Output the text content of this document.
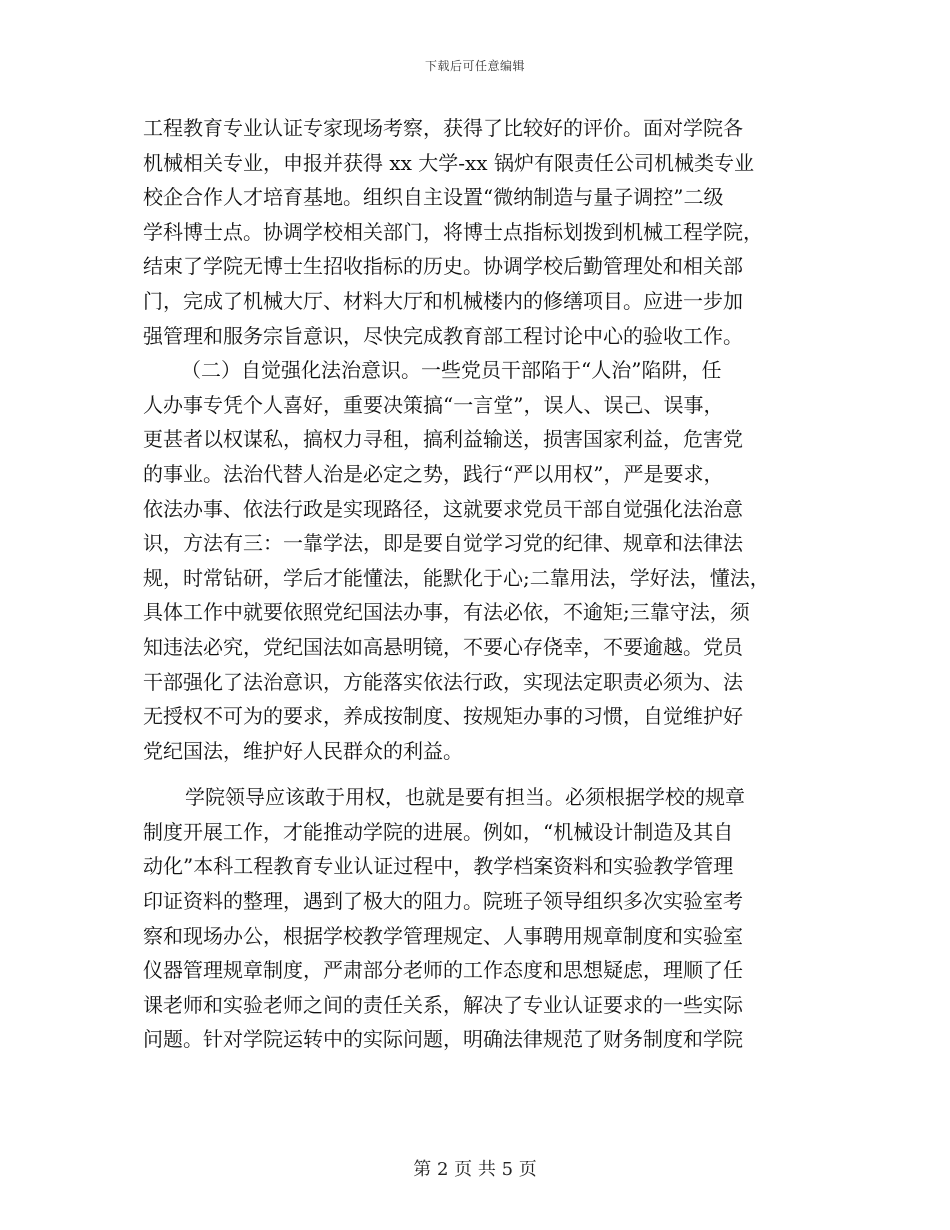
下载后可任意编辑
工程教育专业认证专家现场考察，获得了比较好的评价。面对学院各
机械相关专业，申报并获得 xx 大学-xx 锅炉有限责任公司机械类专业
校企合作人才培育基地。组织自主设置“微纳制造与量子调控”二级
学科博士点。协调学校相关部门，将博士点指标划拨到机械工程学院，
结束了学院无博士生招收指标的历史。协调学校后勤管理处和相关部
门，完成了机械大厅、材料大厅和机械楼内的修缮项目。应进一步加
强管理和服务宗旨意识，尽快完成教育部工程讨论中心的验收工作。
（二）自觉强化法治意识。一些党员干部陷于“人治”陷阱，任
人办事专凭个人喜好，重要决策搞“一言堂”，误人、误己、误事，
更甚者以权谋私，搞权力寻租，搞利益输送，损害国家利益，危害党
的事业。法治代替人治是必定之势，践行“严以用权”，严是要求，
依法办事、依法行政是实现路径，这就要求党员干部自觉强化法治意
识，方法有三：一靠学法，即是要自觉学习党的纪律、规章和法律法
规，时常钻研，学后才能懂法，能默化于心;二靠用法，学好法，懂法，
具体工作中就要依照党纪国法办事，有法必依，不逾矩;三靠守法，须
知违法必究，党纪国法如高悬明镜，不要心存侥幸，不要逾越。党员
干部强化了法治意识，方能落实依法行政，实现法定职责必须为、法
无授权不可为的要求，养成按制度、按规矩办事的习惯，自觉维护好
党纪国法，维护好人民群众的利益。
学院领导应该敢于用权，也就是要有担当。必须根据学校的规章
制度开展工作，才能推动学院的进展。例如，“机械设计制造及其自
动化”本科工程教育专业认证过程中，教学档案资料和实验教学管理
印证资料的整理，遇到了极大的阻力。院班子领导组织多次实验室考
察和现场办公，根据学校教学管理规定、人事聘用规章制度和实验室
仪器管理规章制度，严肃部分老师的工作态度和思想疑虑，理顺了任
课老师和实验老师之间的责任关系，解决了专业认证要求的一些实际
问题。针对学院运转中的实际问题，明确法律规范了财务制度和学院
第 2 页 共 5 页
